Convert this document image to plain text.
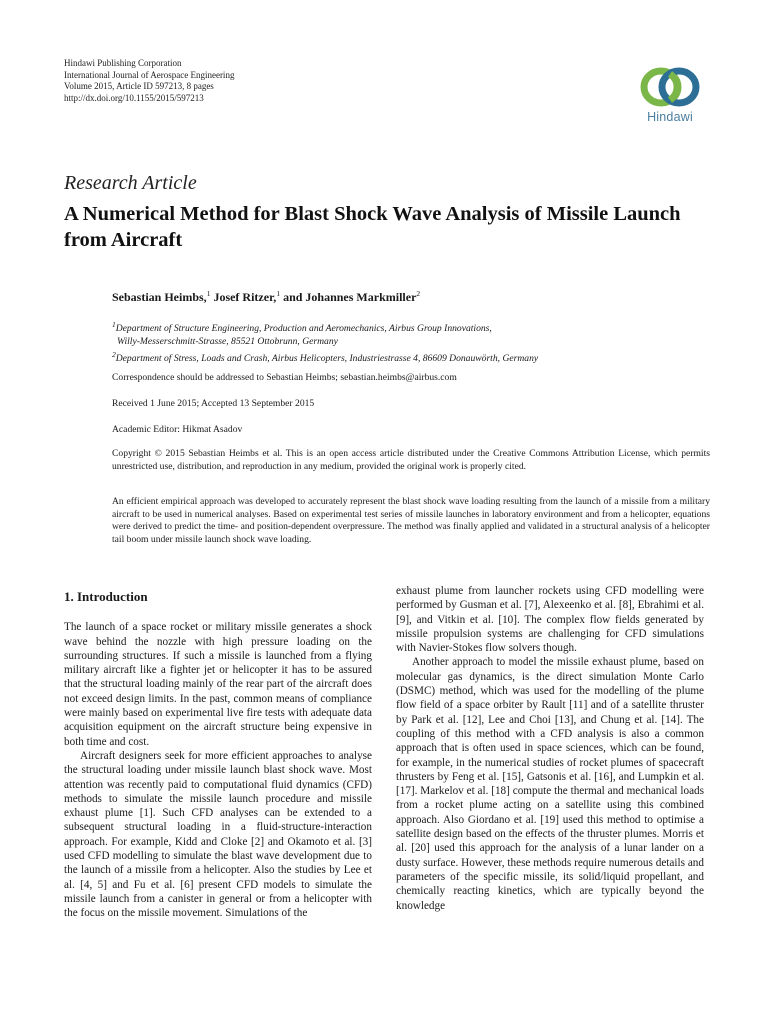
Hindawi Publishing Corporation
International Journal of Aerospace Engineering
Volume 2015, Article ID 597213, 8 pages
http://dx.doi.org/10.1155/2015/597213
Hindawi
Research Article
A Numerical Method for Blast Shock Wave Analysis of Missile Launch from Aircraft
Sebastian Heimbs,$^1$ Josef Ritzer,$^1$ and Johannes Markmiller$^2$
$^1$Department of Structure Engineering, Production and Aeromechanics, Airbus Group Innovations,
Willy-Messerschmitt-Strasse, 85521 Ottobrunn, Germany
$^2$Department of Stress, Loads and Crash, Airbus Helicopters, Industriestrasse 4, 86609 Donauwörth, Germany
Correspondence should be addressed to Sebastian Heimbs; sebastian.heimbs@airbus.com
Received 1 June 2015; Accepted 13 September 2015
Academic Editor: Hikmat Asadov
Copyright © 2015 Sebastian Heimbs et al. This is an open access article distributed under the Creative Commons Attribution License, which permits unrestricted use, distribution, and reproduction in any medium, provided the original work is properly cited.
An efficient empirical approach was developed to accurately represent the blast shock wave loading resulting from the launch of a missile from a military aircraft to be used in numerical analyses. Based on experimental test series of missile launches in laboratory environment and from a helicopter, equations were derived to predict the time- and position-dependent overpressure. The method was finally applied and validated in a structural analysis of a helicopter tail boom under missile launch shock wave loading.
1. Introduction

The launch of a space rocket or military missile generates a shock wave behind the nozzle with high pressure loading on the surrounding structures. If such a missile is launched from a flying military aircraft like a fighter jet or helicopter it has to be assured that the structural loading mainly of the rear part of the aircraft does not exceed design limits. In the past, common means of compliance were mainly based on experimental live fire tests with adequate data acquisition equipment on the aircraft structure being expensive in both time and cost.

Aircraft designers seek for more efficient approaches to analyse the structural loading under missile launch blast shock wave. Most attention was recently paid to computational fluid dynamics (CFD) methods to simulate the missile launch procedure and missile exhaust plume [1]. Such CFD analyses can be extended to a subsequent structural loading in a fluid-structure-interaction approach. For example, Kidd and Cloke [2] and Okamoto et al. [3] used CFD modelling to simulate the blast wave development due to the launch of a missile from a helicopter. Also the studies by Lee et al. [4, 5] and Fu et al. [6] present CFD models to simulate the missile launch from a canister in general or from a helicopter with the focus on the missile movement. Simulations of the

exhaust plume from launcher rockets using CFD modelling were performed by Gusman et al. [7], Alexeenko et al. [8], Ebrahimi et al. [9], and Vitkin et al. [10]. The complex flow fields generated by missile propulsion systems are challenging for CFD simulations with Navier-Stokes flow solvers though.

Another approach to model the missile exhaust plume, based on molecular gas dynamics, is the direct simulation Monte Carlo (DSMC) method, which was used for the modelling of the plume flow field of a space orbiter by Rault [11] and of a satellite thruster by Park et al. [12], Lee and Choi [13], and Chung et al. [14]. The coupling of this method with a CFD analysis is also a common approach that is often used in space sciences, which can be found, for example, in the numerical studies of rocket plumes of spacecraft thrusters by Feng et al. [15], Gatsonis et al. [16], and Lumpkin et al. [17]. Markelov et al. [18] compute the thermal and mechanical loads from a rocket plume acting on a satellite using this combined approach. Also Giordano et al. [19] used this method to optimise a satellite design based on the effects of the thruster plumes. Morris et al. [20] used this approach for the analysis of a lunar lander on a dusty surface. However, these methods require numerous details and parameters of the specific missile, its solid/liquid propellant, and chemically reacting kinetics, which are typically beyond the knowledge
